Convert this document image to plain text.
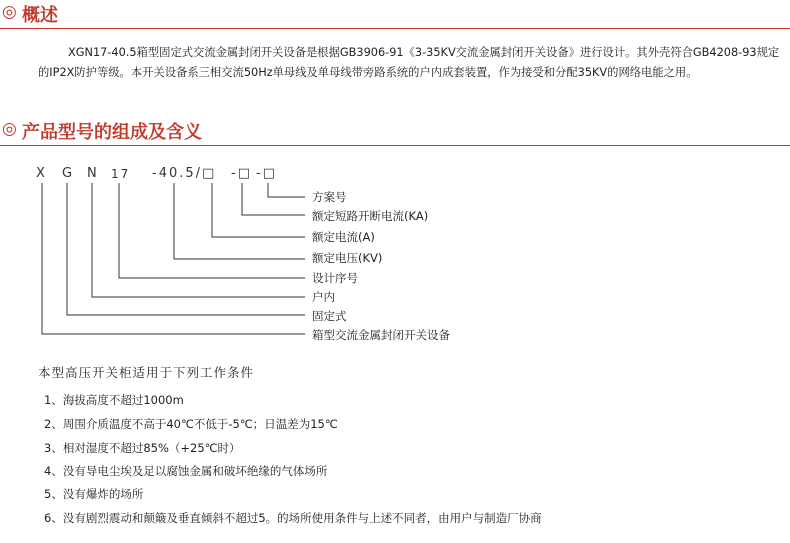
◎ 概述
XGN17-40.5箱型固定式交流金属封闭开关设备是根据GB3906-91《3-35KV交流金属封闭开关设备》进行设计。其外壳符合GB4208-93规定的IP2X防护等级。本开关设备系三相交流50Hz单母线及单母线带旁路系统的户内成套装置，作为接受和分配35KV的网络电能之用。
◎ 产品型号的组成及含义
X G N 17 -40.5/□ -□ -□
方案号
额定短路开断电流(KA)
额定电流(A)
额定电压(KV)
设计序号
户内
固定式
箱型交流金属封闭开关设备
本型高压开关柜适用于下列工作条件
1、海拔高度不超过1000m
2、周围介质温度不高于40℃不低于-5℃；日温差为15℃
3、相对湿度不超过85%（+25℃时）
4、没有导电尘埃及足以腐蚀金属和破坏绝缘的气体场所
5、没有爆炸的场所
6、没有剧烈震动和颠簸及垂直倾斜不超过5。的场所使用条件与上述不同者，由用户与制造厂协商
